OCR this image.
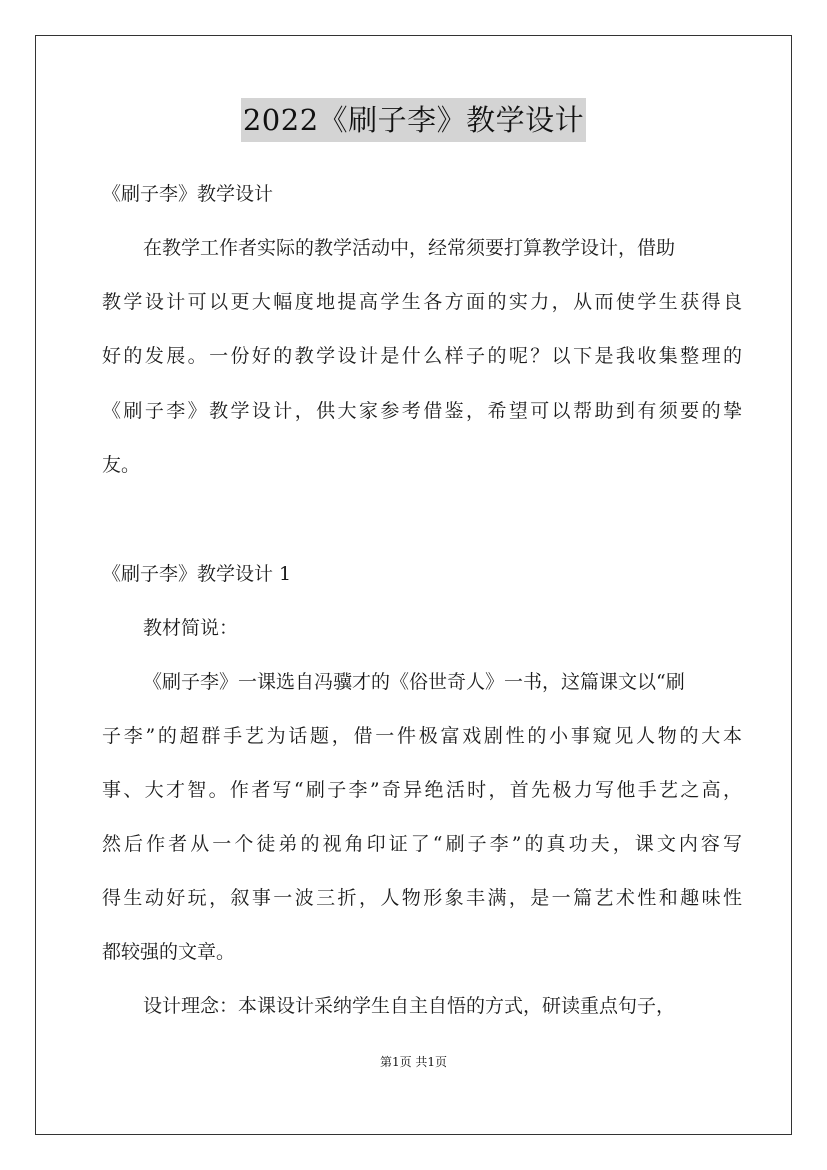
2022《刷子李》教学设计
《刷子李》教学设计
在教学工作者实际的教学活动中，经常须要打算教学设计，借助
教学设计可以更大幅度地提高学生各方面的实力，从而使学生获得良
好的发展。一份好的教学设计是什么样子的呢？以下是我收集整理的
《刷子李》教学设计，供大家参考借鉴，希望可以帮助到有须要的挚
友。
《刷子李》教学设计 1
教材简说：
《刷子李》一课选自冯骥才的《俗世奇人》一书，这篇课文以“刷
子李”的超群手艺为话题，借一件极富戏剧性的小事窥见人物的大本
事、大才智。作者写“刷子李”奇异绝活时，首先极力写他手艺之高，
然后作者从一个徒弟的视角印证了“刷子李”的真功夫，课文内容写
得生动好玩，叙事一波三折，人物形象丰满，是一篇艺术性和趣味性
都较强的文章。
设计理念：本课设计采纳学生自主自悟的方式，研读重点句子，
第1页 共1页
